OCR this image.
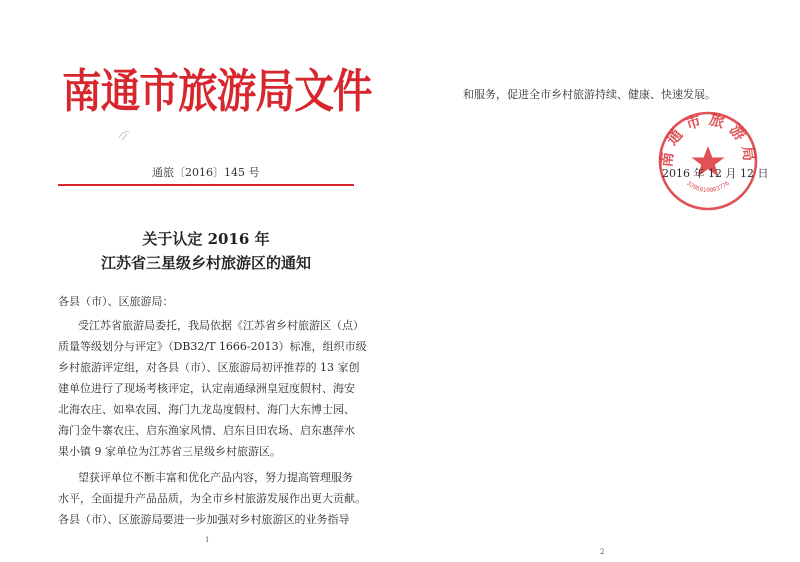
南通市旅游局文件
通旅〔2016〕145 号
关于认定 2016 年
江苏省三星级乡村旅游区的通知

各县（市）、区旅游局：

受江苏省旅游局委托，我局依据《江苏省乡村旅游区（点）

质量等级划分与评定》（DB32/T 1666-2013）标准，组织市级

乡村旅游评定组，对各县（市）、区旅游局初评推荐的 13 家创

建单位进行了现场考核评定，认定南通绿洲皇冠度假村、海安

北海农庄、如皋农园、海门九龙岛度假村、海门大东博士园、

海门金牛寨农庄、启东渔家风情、启东目田农场、启东惠萍水

果小镇 9 家单位为江苏省三星级乡村旅游区。

望获评单位不断丰富和优化产品内容，努力提高管理服务

水平，全面提升产品品质，为全市乡村旅游发展作出更大贡献。

各县（市）、区旅游局要进一步加强对乡村旅游区的业务指导

1
和服务，促进全市乡村旅游持续、健康、快速发展。
南通市旅游局
3206010003776
2016 年 12 月 12 日
2
